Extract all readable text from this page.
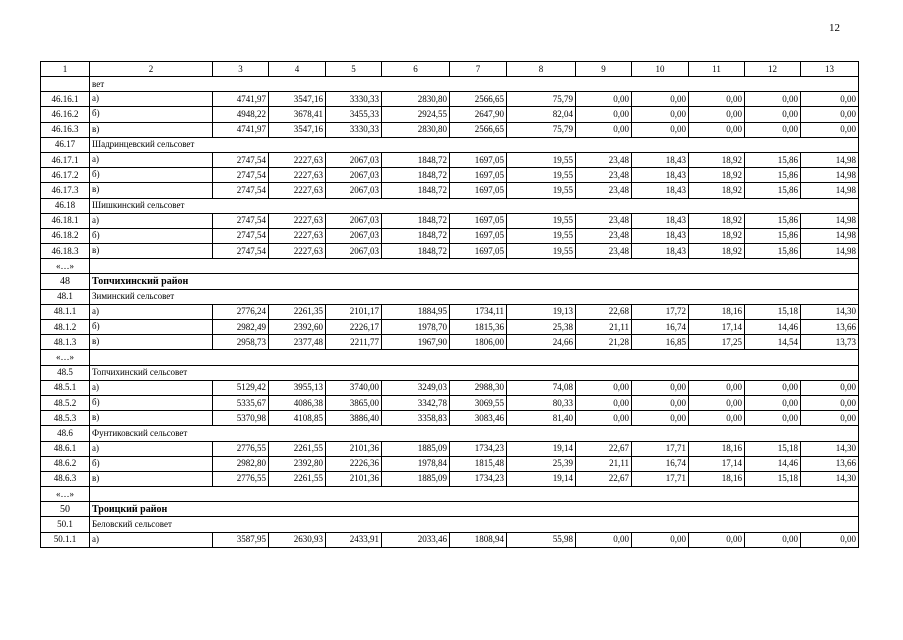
12
1	2	3	4	5	6	7	8	9	10	11	12	13
	вет											
46.16.1	а)	4741,97	3547,16	3330,33	2830,80	2566,65	75,79	0,00	0,00	0,00	0,00	0,00
46.16.2	б)	4948,22	3678,41	3455,33	2924,55	2647,90	82,04	0,00	0,00	0,00	0,00	0,00
46.16.3	в)	4741,97	3547,16	3330,33	2830,80	2566,65	75,79	0,00	0,00	0,00	0,00	0,00
46.17	Шадринцевский сельсовет											
46.17.1	а)	2747,54	2227,63	2067,03	1848,72	1697,05	19,55	23,48	18,43	18,92	15,86	14,98
46.17.2	б)	2747,54	2227,63	2067,03	1848,72	1697,05	19,55	23,48	18,43	18,92	15,86	14,98
46.17.3	в)	2747,54	2227,63	2067,03	1848,72	1697,05	19,55	23,48	18,43	18,92	15,86	14,98
46.18	Шишкинский сельсовет											
46.18.1	а)	2747,54	2227,63	2067,03	1848,72	1697,05	19,55	23,48	18,43	18,92	15,86	14,98
46.18.2	б)	2747,54	2227,63	2067,03	1848,72	1697,05	19,55	23,48	18,43	18,92	15,86	14,98
46.18.3	в)	2747,54	2227,63	2067,03	1848,72	1697,05	19,55	23,48	18,43	18,92	15,86	14,98
«…»												
48	Топчихинский район											
48.1	Зиминский сельсовет											
48.1.1	а)	2776,24	2261,35	2101,17	1884,95	1734,11	19,13	22,68	17,72	18,16	15,18	14,30
48.1.2	б)	2982,49	2392,60	2226,17	1978,70	1815,36	25,38	21,11	16,74	17,14	14,46	13,66
48.1.3	в)	2958,73	2377,48	2211,77	1967,90	1806,00	24,66	21,28	16,85	17,25	14,54	13,73
«…»												
48.5	Топчихинский сельсовет											
48.5.1	а)	5129,42	3955,13	3740,00	3249,03	2988,30	74,08	0,00	0,00	0,00	0,00	0,00
48.5.2	б)	5335,67	4086,38	3865,00	3342,78	3069,55	80,33	0,00	0,00	0,00	0,00	0,00
48.5.3	в)	5370,98	4108,85	3886,40	3358,83	3083,46	81,40	0,00	0,00	0,00	0,00	0,00
48.6	Фунтиковский сельсовет											
48.6.1	а)	2776,55	2261,55	2101,36	1885,09	1734,23	19,14	22,67	17,71	18,16	15,18	14,30
48.6.2	б)	2982,80	2392,80	2226,36	1978,84	1815,48	25,39	21,11	16,74	17,14	14,46	13,66
48.6.3	в)	2776,55	2261,55	2101,36	1885,09	1734,23	19,14	22,67	17,71	18,16	15,18	14,30
«…»												
50	Троицкий район											
50.1	Беловский сельсовет											
50.1.1	а)	3587,95	2630,93	2433,91	2033,46	1808,94	55,98	0,00	0,00	0,00	0,00	0,00
